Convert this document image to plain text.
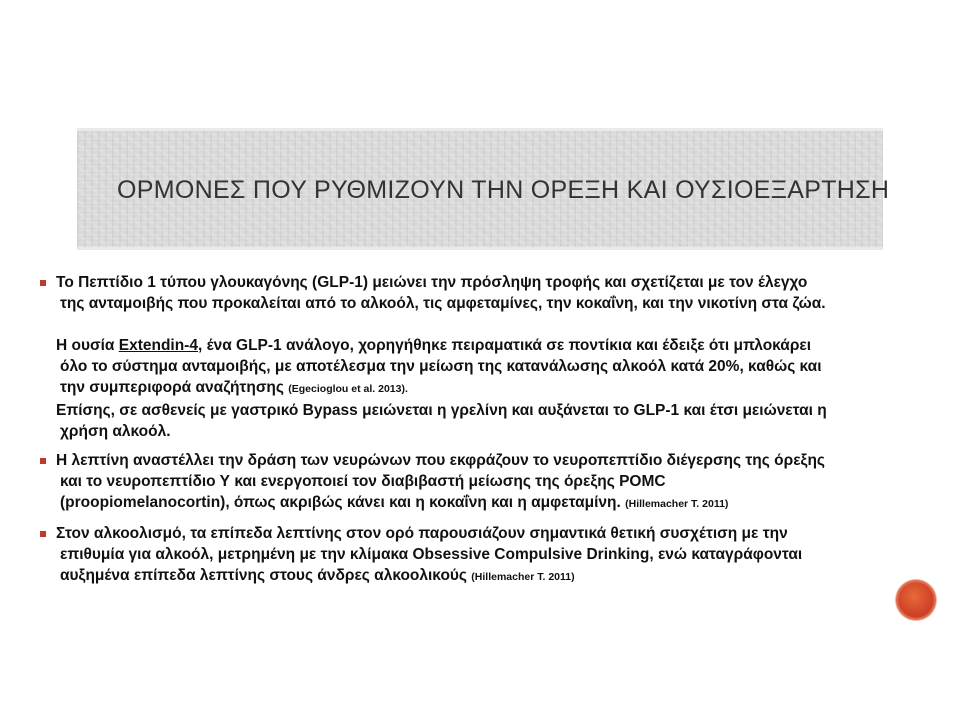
ΟΡΜΟΝΕΣ ΠΟΥ ΡΥΘΜΙΖΟΥΝ ΤΗΝ ΟΡΕΞΗ ΚΑΙ ΟΥΣΙΟΕΞΑΡΤΗΣΗ
Το Πεπτίδιο 1 τύπου γλουκαγόνης (GLP-1) μειώνει την πρόσληψη τροφής και σχετίζεται με τον έλεγχο
της ανταμοιβής που προκαλείται από το αλκοόλ, τις αμφεταμίνες, την κοκαΐνη, και την νικοτίνη στα ζώα.
Η ουσία Extendin-4, ένα GLP-1 ανάλογο, χορηγήθηκε πειραματικά σε ποντίκια και έδειξε ότι μπλοκάρει
όλο το σύστημα ανταμοιβής, με αποτέλεσμα την μείωση της κατανάλωσης αλκοόλ κατά 20%, καθώς και
την συμπεριφορά αναζήτησης (Egecioglou et al. 2013).
Επίσης, σε ασθενείς με γαστρικό Bypass μειώνεται η γρελίνη και αυξάνεται το GLP-1 και έτσι μειώνεται η
χρήση αλκοόλ.
Η λεπτίνη αναστέλλει την δράση των νευρώνων που εκφράζουν το νευροπεπτίδιο διέγερσης της όρεξης
και το νευροπεπτίδιο Υ και ενεργοποιεί τον διαβιβαστή μείωσης της όρεξης POMC
(proopiomelanocortin), όπως ακριβώς κάνει και η κοκαΐνη και η αμφεταμίνη. (Hillemacher T. 2011)
Στον αλκοολισμό, τα επίπεδα λεπτίνης στον ορό παρουσιάζουν σημαντικά θετική συσχέτιση με την
επιθυμία για αλκοόλ, μετρημένη με την κλίμακα Obsessive Compulsive Drinking, ενώ καταγράφονται
αυξημένα επίπεδα λεπτίνης στους άνδρες αλκοολικούς (Hillemacher T. 2011)
